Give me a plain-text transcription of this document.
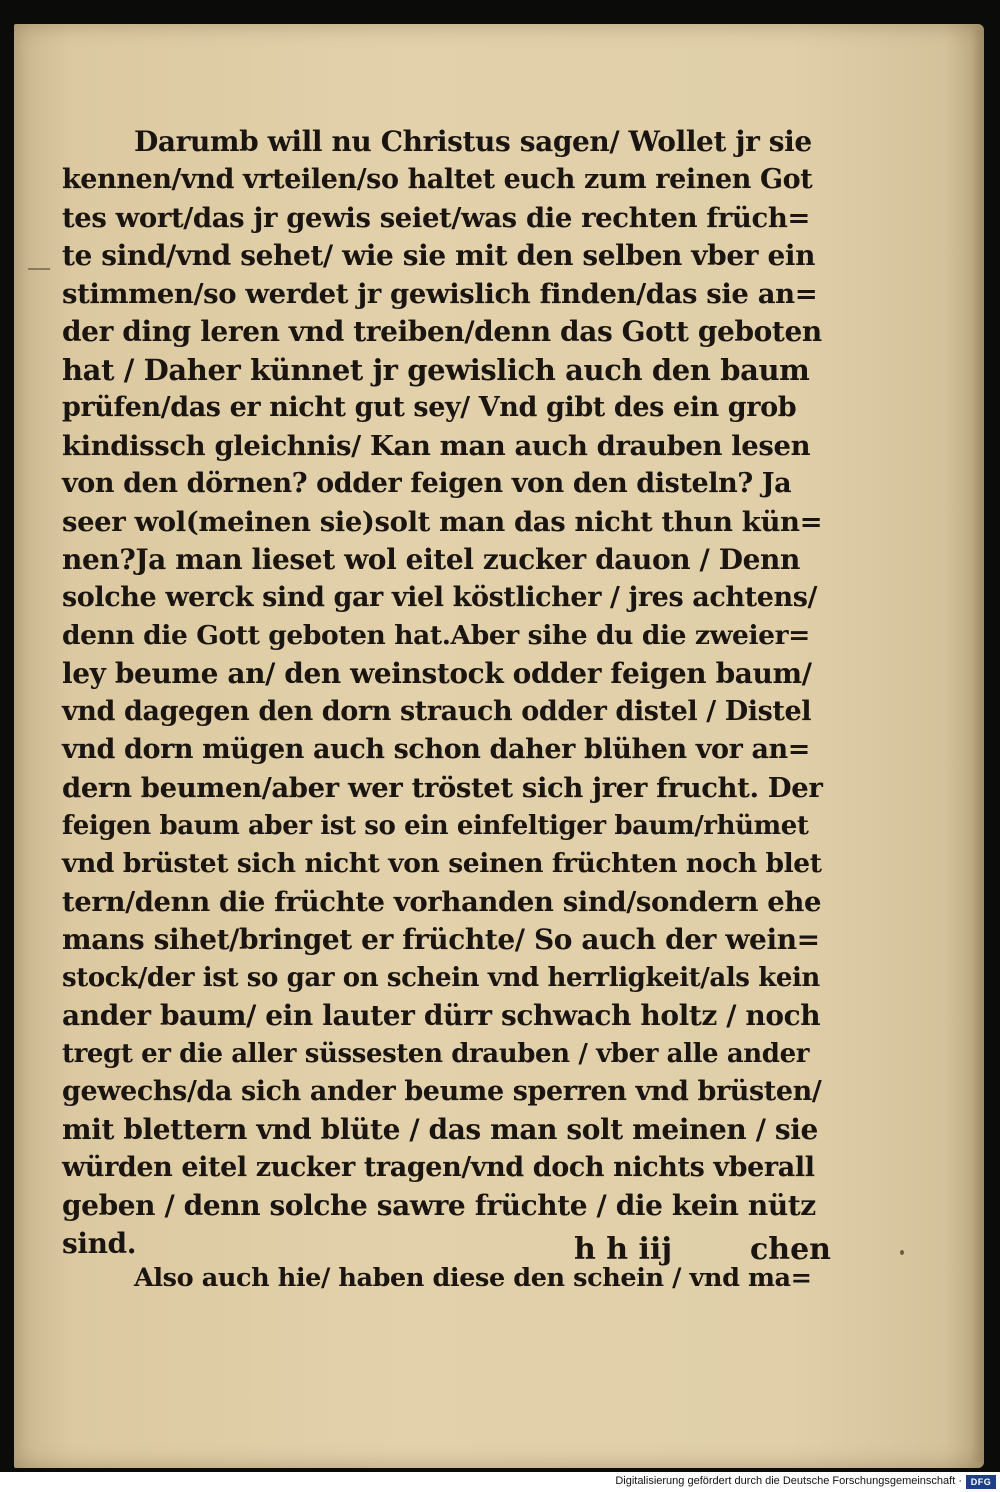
Darumb will nu Christus sagen/ Wollet jr sie
kennen/vnd vrteilen/so haltet euch zum reinen Got
tes wort/das jr gewis seiet/was die rechten früch=
te sind/vnd sehet/ wie sie mit den selben vber ein
stimmen/so werdet jr gewislich finden/das sie an=
der ding leren vnd treiben/denn das Gott geboten
hat / Daher künnet jr gewislich auch den baum
prüfen/das er nicht gut sey/ Vnd gibt des ein grob
kindissch gleichnis/ Kan man auch drauben lesen
von den dörnen? odder feigen von den disteln? Ja
seer wol(meinen sie)solt man das nicht thun kün=
nen?Ja man lieset wol eitel zucker dauon / Denn
solche werck sind gar viel köstlicher / jres achtens/
denn die Gott geboten hat.Aber sihe du die zweier=
ley beume an/ den weinstock odder feigen baum/
vnd dagegen den dorn strauch odder distel / Distel
vnd dorn mügen auch schon daher blühen vor an=
dern beumen/aber wer tröstet sich jrer frucht. Der
feigen baum aber ist so ein einfeltiger baum/rhümet
vnd brüstet sich nicht von seinen früchten noch blet
tern/denn die früchte vorhanden sind/sondern ehe
mans sihet/bringet er früchte/ So auch der wein=
stock/der ist so gar on schein vnd herrligkeit/als kein
ander baum/ ein lauter dürr schwach holtz / noch
tregt er die aller süssesten drauben / vber alle ander
gewechs/da sich ander beume sperren vnd brüsten/
mit blettern vnd blüte / das man solt meinen / sie
würden eitel zucker tragen/vnd doch nichts vberall
geben / denn solche sawre früchte / die kein nütz
sind.
Also auch hie/ haben diese den schein / vnd ma=
h h iij	chen
Digitalisierung gefördert durch die Deutsche Forschungsgemeinschaft · DFG
